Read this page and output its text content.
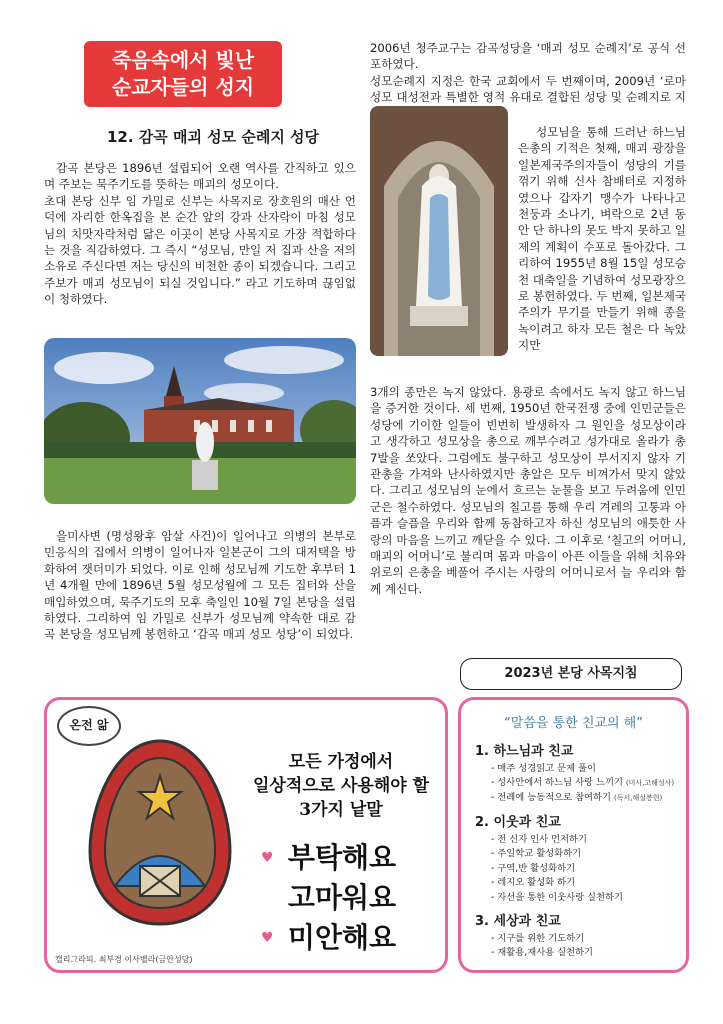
죽음속에서 빛난
순교자들의 성지
12. 감곡 매괴 성모 순례지 성당

감곡 본당은 1896년 설립되어 오랜 역사를 간직하고 있으며 주보는 묵주기도를 뜻하는 매괴의 성모이다.

초대 본당 신부 임 가밀로 신부는 사목지로 장호원의 매산 언덕에 자리한 한옥집을 본 순간 앞의 강과 산자락이 마침 성모님의 치맛자락처럼 닮은 이곳이 본당 사목지로 가장 적합하다는 것을 직감하였다. 그 즉시 “성모님, 만일 저 집과 산을 저의 소유로 주신다면 저는 당신의 비천한 종이 되겠습니다. 그리고 주보가 매괴 성모님이 되실 것입니다.” 라고 기도하며 끊임없이 청하였다.

을미사변 (명성왕후 암살 사건)이 일어나고 의병의 본부로 민응식의 집에서 의병이 일어나자 일본군이 그의 대저택을 방화하여 잿더미가 되었다. 이로 인해 성모님께 기도한 후부터 1년 4개월 만에 1896년 5월 성모성월에 그 모든 집터와 산을 매입하였으며, 묵주기도의 모후 축일인 10월 7일 본당을 설립하였다. 그리하여 임 가밀로 신부가 성모님께 약속한 대로 감곡 본당을 성모님께 봉헌하고 ‘감곡 매괴 성모 성당’이 되었다.

2006년 청주교구는 감곡성당을 ‘매괴 성모 순례지’로 공식 선포하였다.

성모순례지 지정은 한국 교회에서 두 번째이며, 2009년 ‘로마 성모 대성전과 특별한 영적 유대로 결합된 성당 및 순례지로 지

성모님을 통해 드러난 하느님 은총의 기적은 첫째, 매괴 광장을 일본제국주의자들이 성당의 기를 꺾기 위해 신사 참배터로 지정하였으나 갑자기 맹수가 나타나고 천둥과 소나기, 벼락으로 2년 동안 단 하나의 못도 박지 못하고 일제의 계획이 수포로 돌아갔다. 그리하여 1955년 8월 15일 성모승천 대축일을 기념하여 성모광장으로 봉헌하였다. 두 번째, 일본제국주의가 무기를 만들기 위해 종을 녹이려고 하자 모든 철은 다 녹았지만

3개의 종만은 녹지 않았다. 용광로 속에서도 녹지 않고 하느님을 증거한 것이다. 세 번째, 1950년 한국전쟁 중에 인민군들은 성당에 기이한 일들이 빈번히 발생하자 그 원인을 성모상이라고 생각하고 성모상을 총으로 깨부수려고 성가대로 올라가 총 7발을 쏘았다. 그럼에도 불구하고 성모상이 부서지지 않자 기관총을 가져와 난사하였지만 총알은 모두 비껴가서 맞지 않았다. 그리고 성모님의 눈에서 흐르는 눈물을 보고 두려움에 인민군은 철수하였다. 성모님의 칠고를 통해 우리 겨레의 고통과 아픔과 슬픔을 우리와 함께 동참하고자 하신 성모님의 애틋한 사랑의 마음을 느끼고 깨닫을 수 있다. 그 이후로 ‘칠고의 어머니, 매괴의 어머니’로 불리며 몸과 마음이 아픈 이들을 위해 치유와 위로의 은총을 베풀어 주시는 사랑의 어머니로서 늘 우리와 함께 계신다.

2023년 본당 사목지침
온전 앎
모든 가정에서
일상적으로 사용해야 할
3가지 낱말
부탁해요
고마워요
미안해요
♥
♥
캘리그라피. 최부경 이사벨라(금안성당)
“말씀을 통한 친교의 해”

1. 하느님과 친교

- 매주 성경읽고 문제 풀이
- 성사안에서 하느님 사랑 느끼기 (미사,고해성사)
- 전례에 능동적으로 참여하기 (독서,해설봉헌)

2. 이웃과 친교

- 전 신자 인사 먼저하기
- 주일학교 활성화하기
- 구역,반 활성화하기
- 레지오 활성화 하기
- 자선을 통한 이웃사랑 실천하기

3. 세상과 친교

- 지구를 위한 기도하기
- 재활용,재사용 실천하기
